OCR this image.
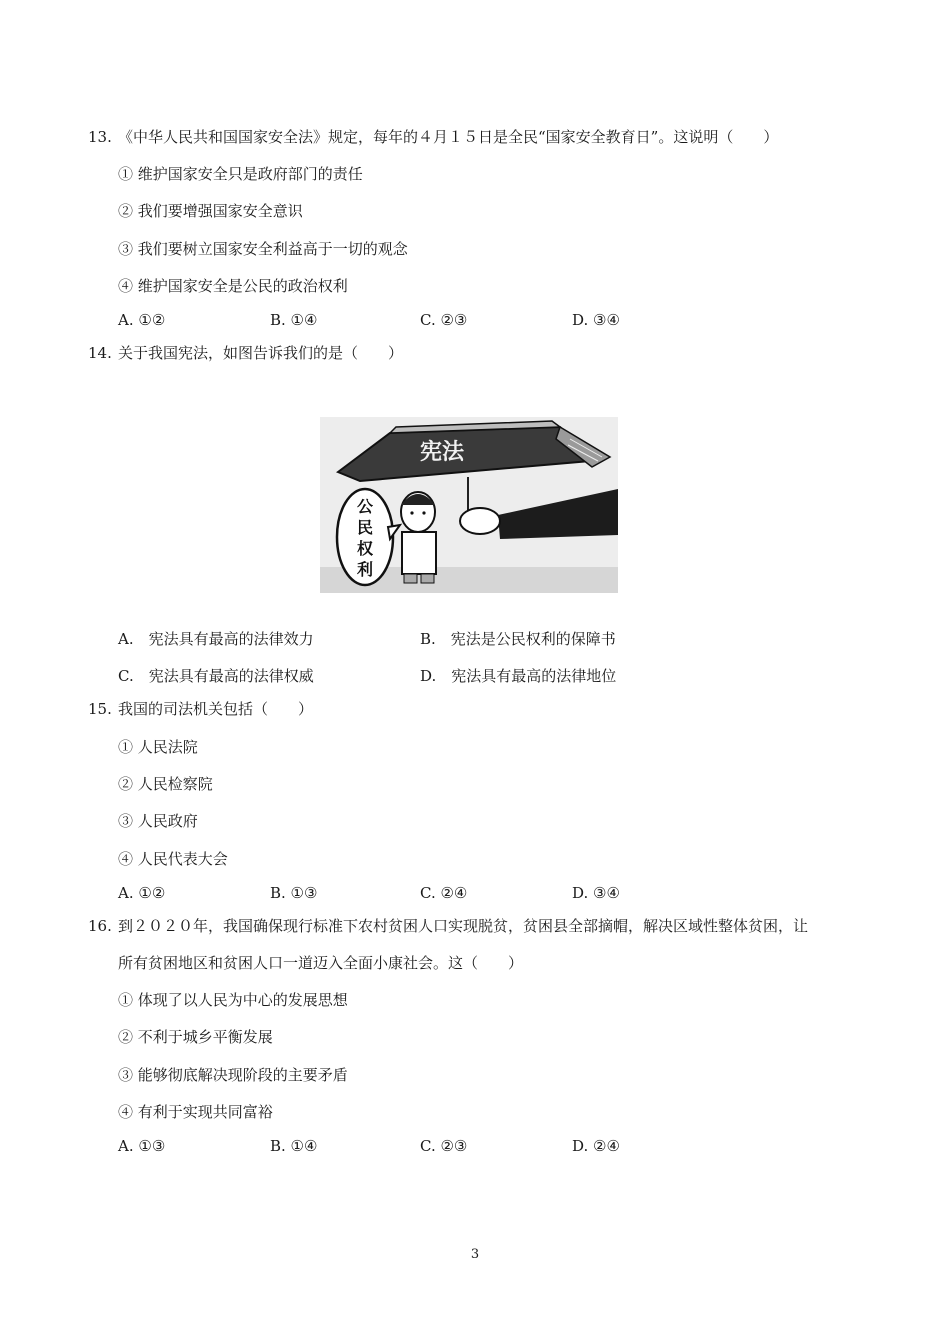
13. 《中华人民共和国国家安全法》规定，每年的４月１５日是全民“国家安全教育日”。这说明（　　）
① 维护国家安全只是政府部门的责任
② 我们要增强国家安全意识
③ 我们要树立国家安全利益高于一切的观念
④ 维护国家安全是公民的政治权利
A. ①②	B. ①④	C. ②③	D. ③④
14. 关于我国宪法，如图告诉我们的是（　　）
宪法
公
民
权
利
A.　宪法具有最高的法律效力	B.　宪法是公民权利的保障书
C.　宪法具有最高的法律权威	D.　宪法具有最高的法律地位
15. 我国的司法机关包括（　　）
① 人民法院
② 人民检察院
③ 人民政府
④ 人民代表大会
A. ①②	B. ①③	C. ②④	D. ③④
16. 到２０２０年，我国确保现行标准下农村贫困人口实现脱贫，贫困县全部摘帽，解决区域性整体贫困，让
所有贫困地区和贫困人口一道迈入全面小康社会。这（　　）
① 体现了以人民为中心的发展思想
② 不利于城乡平衡发展
③ 能够彻底解决现阶段的主要矛盾
④ 有利于实现共同富裕
A. ①③	B. ①④	C. ②③	D. ②④
3
